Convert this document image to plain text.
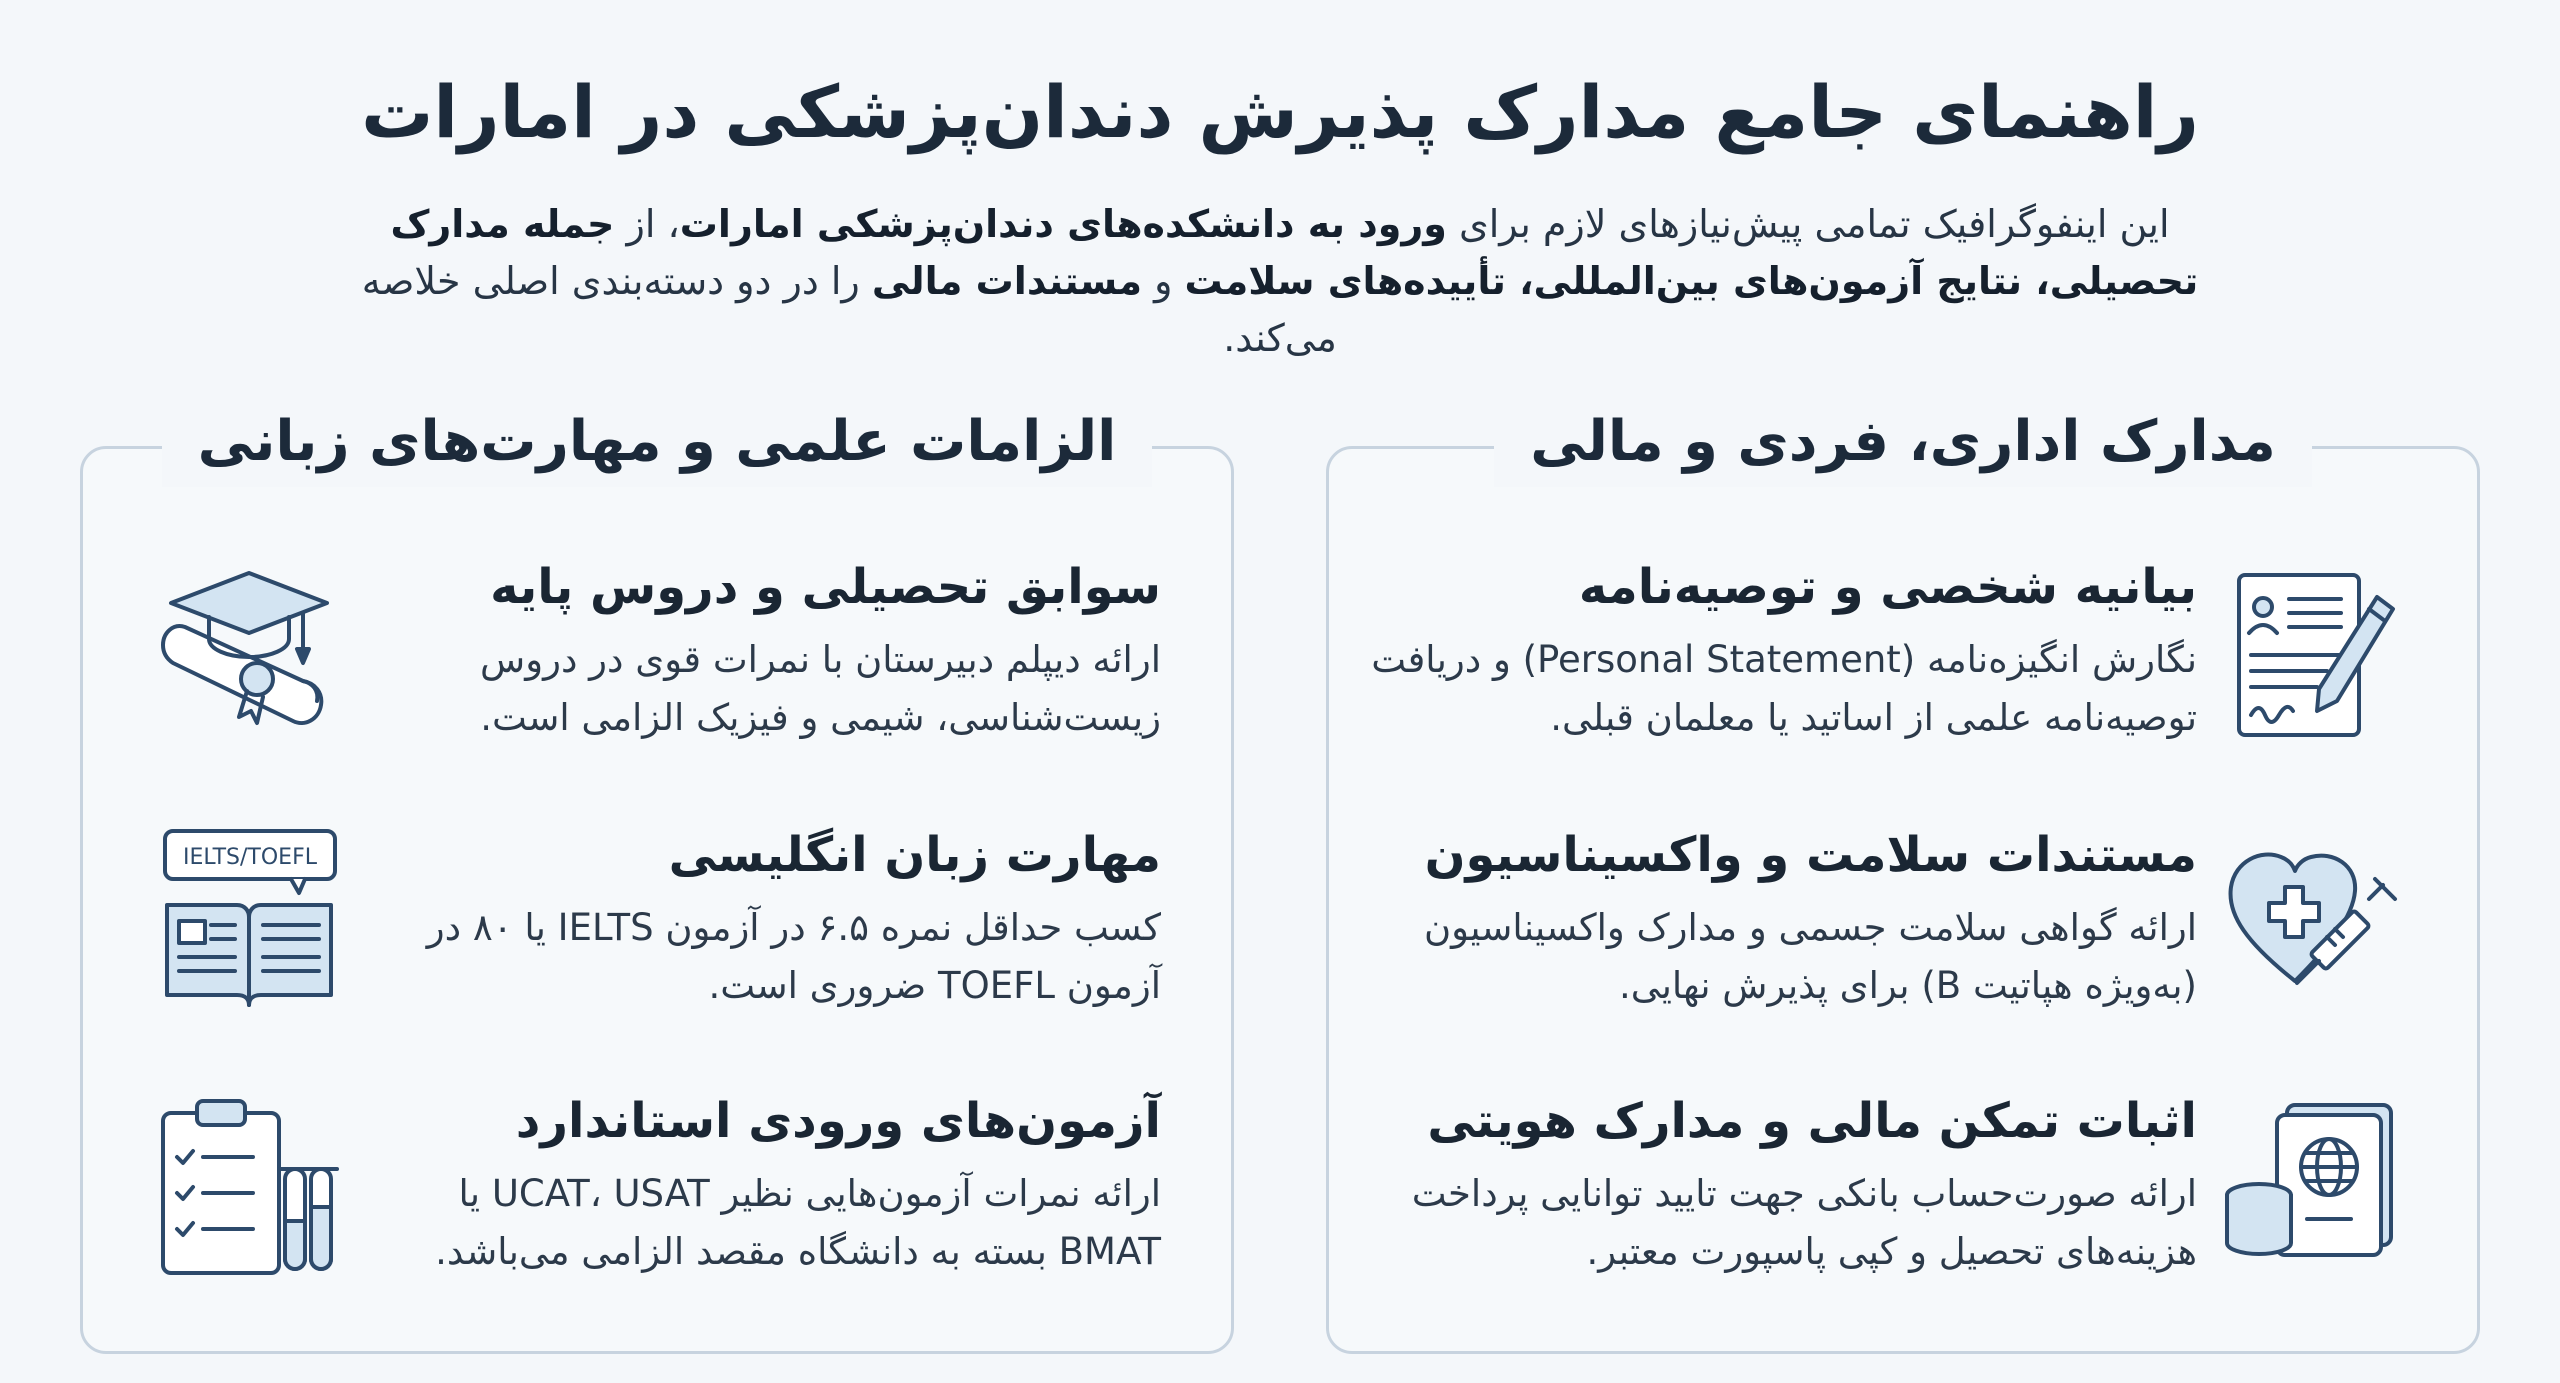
راهنمای جامع مدارک پذیرش دندان‌پزشکی در امارات
این اینفوگرافیک تمامی پیش‌نیازهای لازم برای ورود به دانشکده‌های دندان‌پزشکی امارات، از جمله مدارک تحصیلی، نتایج آزمون‌های بین‌المللی، تأییده‌های سلامت و مستندات مالی را در دو دسته‌بندی اصلی خلاصه می‌کند.
مدارک اداری، فردی و مالی

بیانیه شخصی و توصیه‌نامه

نگارش انگیزه‌نامه (Personal Statement) و دریافت توصیه‌نامه علمی از اساتید یا معلمان قبلی.

مستندات سلامت و واکسیناسیون

ارائه گواهی سلامت جسمی و مدارک واکسیناسیون (به‌ویژه هپاتیت B) برای پذیرش نهایی.

اثبات تمکن مالی و مدارک هویتی

ارائه صورت‌حساب بانکی جهت تایید توانایی پرداخت هزینه‌های تحصیل و کپی پاسپورت معتبر.

الزامات علمی و مهارت‌های زبانی

سوابق تحصیلی و دروس پایه

ارائه دیپلم دبیرستان با نمرات قوی در دروس زیست‌شناسی، شیمی و فیزیک الزامی است.

IELTS/TOEFL	مهارت زبان انگلیسی

کسب حداقل نمره ۶.۵ در آزمون IELTS یا ۸۰ در آزمون TOEFL ضروری است.

آزمون‌های ورودی استاندارد

ارائه نمرات آزمون‌هایی نظیر UCAT، USAT یا BMAT بسته به دانشگاه مقصد الزامی می‌باشد.
